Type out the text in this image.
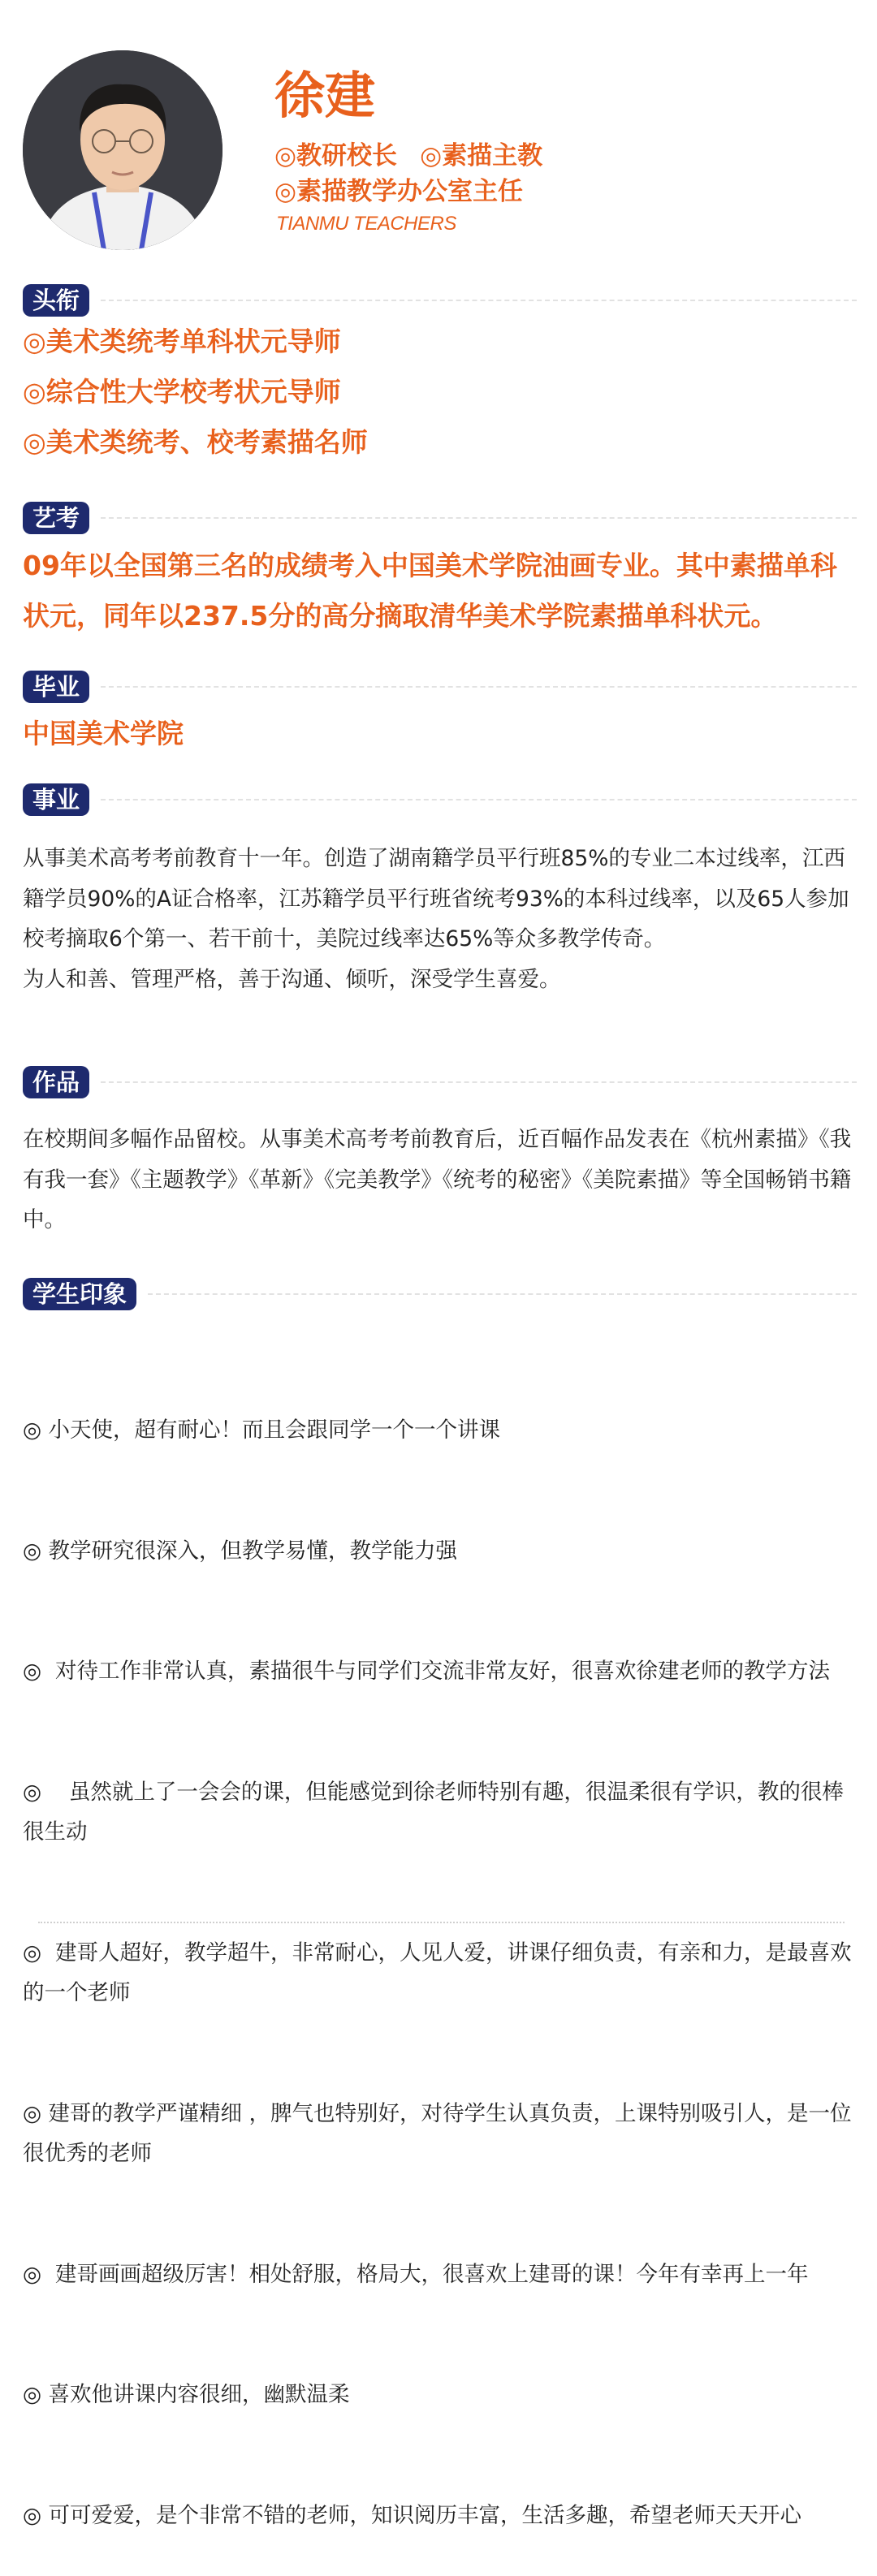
徐建
◎教研校长 ◎素描主教
◎素描教学办公室主任
TIANMU TEACHERS
头衔

◎美术类统考单科状元导师

◎综合性大学校考状元导师

◎美术类统考、校考素描名师

艺考
09年以全国第三名的成绩考入中国美术学院油画专业。其中素描单科状元，同年以237.5分的高分摘取清华美术学院素描单科状元。
毕业
中国美术学院
事业

从事美术高考考前教育十一年。创造了湖南籍学员平行班85%的专业二本过线率，江西籍学员90%的A证合格率，江苏籍学员平行班省统考93%的本科过线率，以及65人参加校考摘取6个第一、若干前十，美院过线率达65%等众多教学传奇。

为人和善、管理严格，善于沟通、倾听，深受学生喜爱。

作品
在校期间多幅作品留校。从事美术高考考前教育后，近百幅作品发表在《杭州素描》《我有我一套》《主题教学》《革新》《完美教学》《统考的秘密》《美院素描》等全国畅销书籍中。
学生印象

◎ 小天使，超有耐心！而且会跟同学一个一个讲课

◎ 教学研究很深入，但教学易懂，教学能力强

◎  对待工作非常认真，素描很牛与同学们交流非常友好，很喜欢徐建老师的教学方法

◎    虽然就上了一会会的课，但能感觉到徐老师特别有趣，很温柔很有学识，教的很棒很生动

◎  建哥人超好，教学超牛，非常耐心，人见人爱，讲课仔细负责，有亲和力，是最喜欢的一个老师

◎ 建哥的教学严谨精细 ，脾气也特别好，对待学生认真负责，上课特别吸引人，是一位很优秀的老师

◎  建哥画画超级厉害！相处舒服，格局大，很喜欢上建哥的课！今年有幸再上一年

◎ 喜欢他讲课内容很细，幽默温柔

◎ 可可爱爱，是个非常不错的老师，知识阅历丰富，生活多趣，希望老师天天开心
